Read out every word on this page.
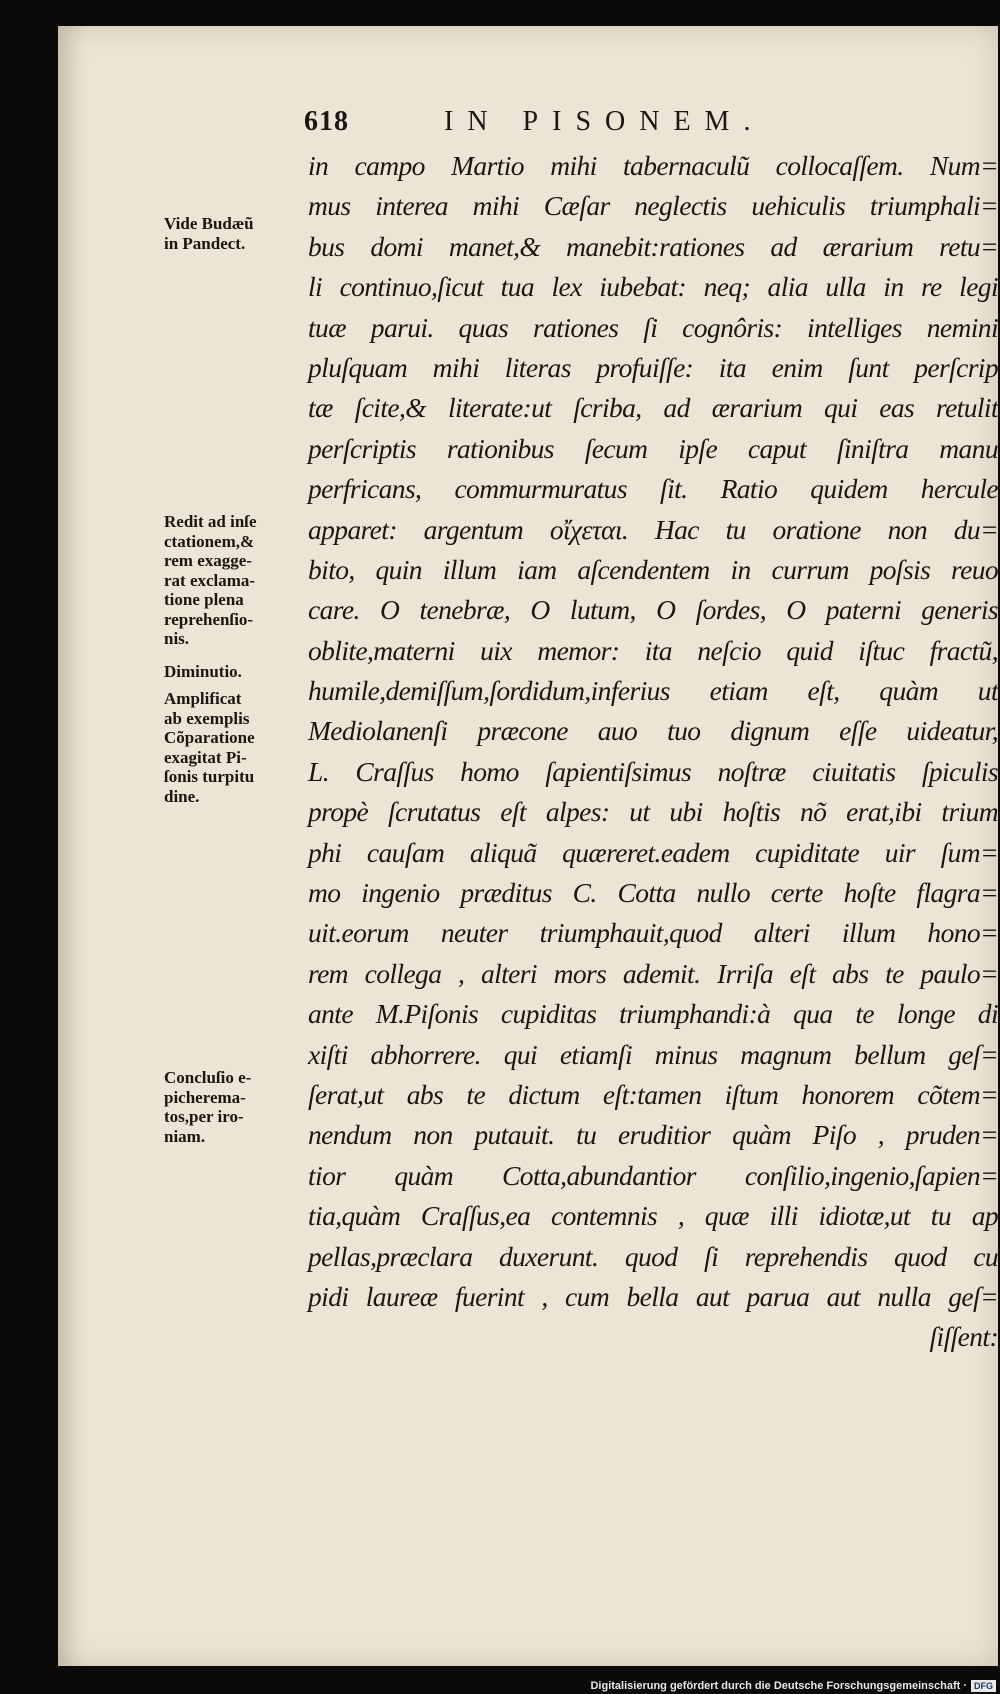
618	IN PISONEM.
in campo Martio mihi tabernaculũ collocaſſem. Num=
mus interea mihi Cæſar neglectis uehiculis triumphali=
bus domi manet,& manebit:rationes ad ærarium retu=
li continuo,ſicut tua lex iubebat: neq; alia ulla in re legi
tuæ parui. quas rationes ſi cognôris: intelliges nemini
pluſquam mihi literas profuiſſe: ita enim ſunt perſcrip
tæ ſcite,& literate:ut ſcriba, ad ærarium qui eas retulit
perſcriptis rationibus ſecum ipſe caput ſiniſtra manu
perfricans, commurmuratus ſit. Ratio quidem hercule
apparet: argentum οἴχεται. Hac tu oratione non du=
bito, quin illum iam aſcendentem in currum poſsis reuo
care. O tenebræ, O lutum, O ſordes, O paterni generis
oblite,materni uix memor: ita neſcio quid iſtuc fractũ,
humile,demiſſum,ſordidum,inferius etiam eſt, quàm ut
Mediolanenſi præcone auo tuo dignum eſſe uideatur,
L. Craſſus homo ſapientiſsimus noſtræ ciuitatis ſpiculis
propè ſcrutatus eſt alpes: ut ubi hoſtis nõ erat,ibi trium
phi cauſam aliquã quæreret.eadem cupiditate uir ſum=
mo ingenio præditus C. Cotta nullo certe hoſte flagra=
uit.eorum neuter triumphauit,quod alteri illum hono=
rem collega , alteri mors ademit. Irriſa eſt abs te paulo=
ante M.Piſonis cupiditas triumphandi:à qua te longe di
xiſti abhorrere. qui etiamſi minus magnum bellum geſ=
ſerat,ut abs te dictum eſt:tamen iſtum honorem cõtem=
nendum non putauit. tu eruditior quàm Piſo , pruden=
tior quàm Cotta,abundantior conſilio,ingenio,ſapien=
tia,quàm Craſſus,ea contemnis , quæ illi idiotæ,ut tu ap
pellas,præclara duxerunt. quod ſi reprehendis quod cu
pidi laureæ fuerint , cum bella aut parua aut nulla geſ=
ſiſſent:
Vide Budæũ
in Pandect.
Redit ad inſe
ctationem,&
rem exagge-
rat exclama-
tione plena
reprehenſio-
nis.
Diminutio.
Amplificat
ab exemplis
Cõparatione
exagitat Pi-
ſonis turpitu
dine.
Concluſio e-
picherema-
tos,per iro-
niam.
Digitalisierung gefördert durch die Deutsche Forschungsgemeinschaft · DFG
